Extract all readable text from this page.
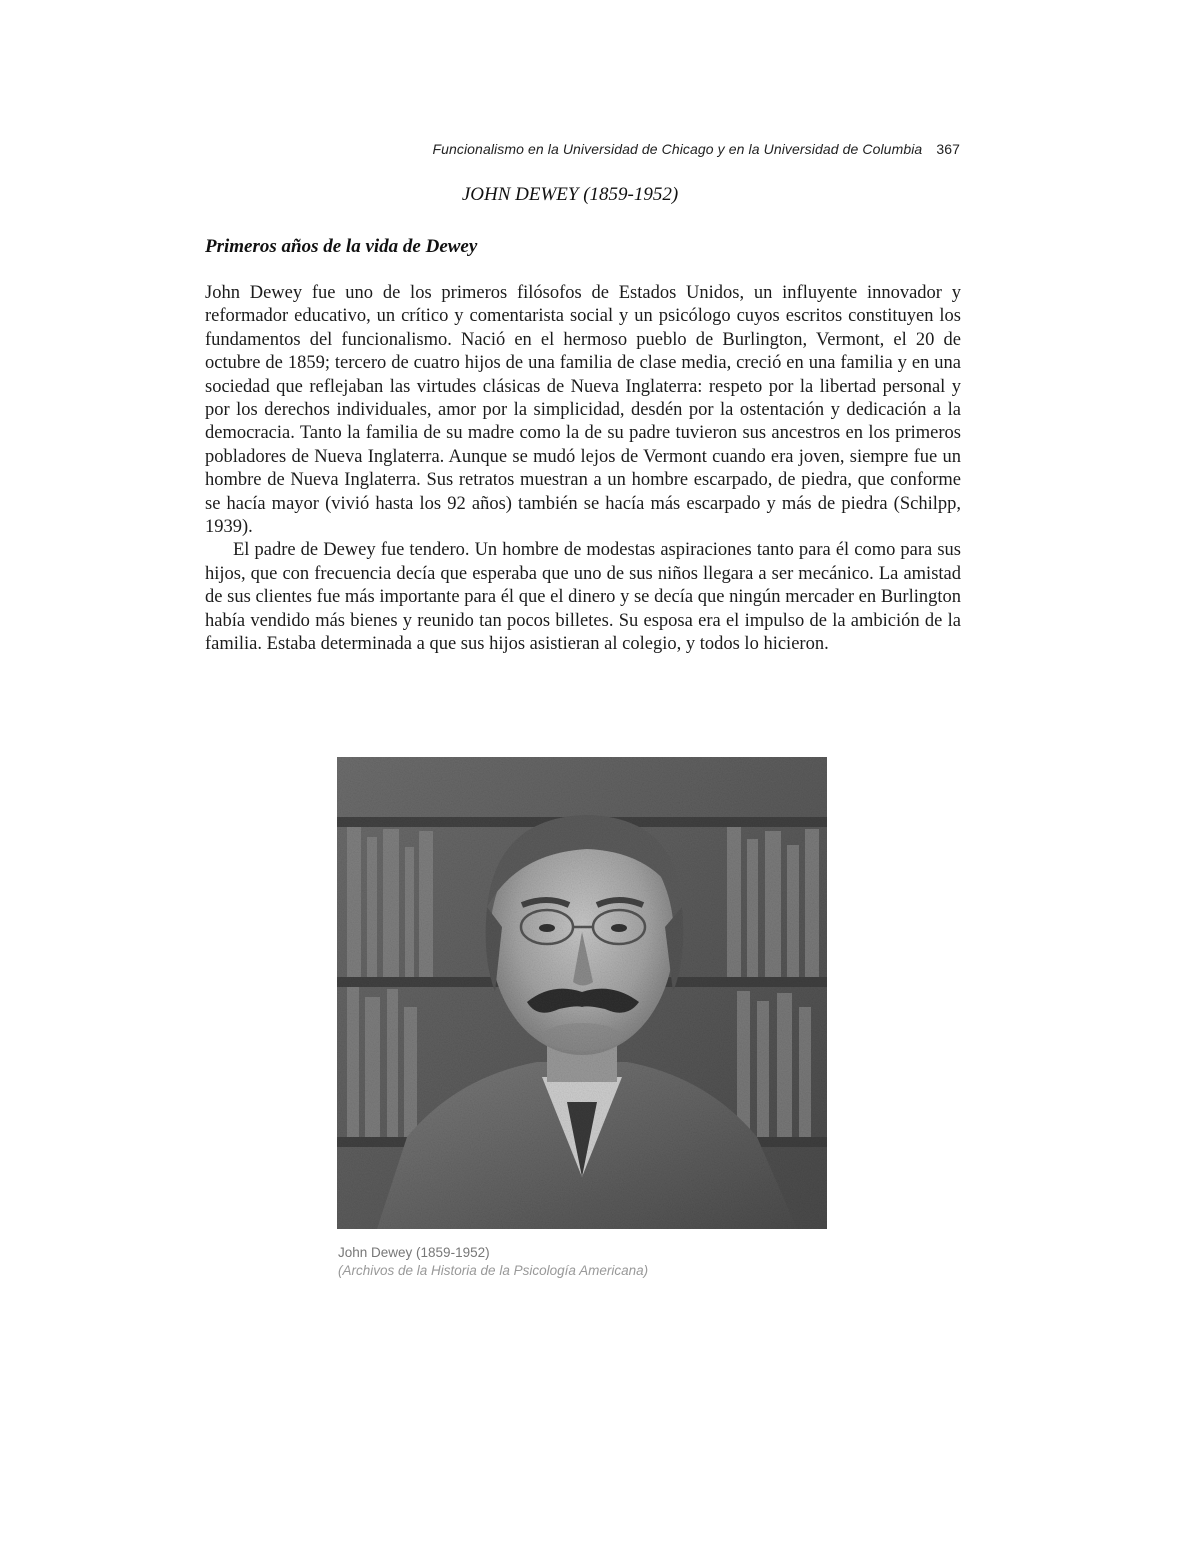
Funcionalismo en la Universidad de Chicago y en la Universidad de Columbia 367
JOHN DEWEY (1859-1952)
Primeros años de la vida de Dewey

John Dewey fue uno de los primeros filósofos de Estados Unidos, un influyente innovador y reformador educativo, un crítico y comentarista social y un psicólogo cuyos escritos constituyen los fundamentos del funcionalismo. Nació en el hermoso pueblo de Burlington, Vermont, el 20 de octubre de 1859; tercero de cuatro hijos de una familia de clase media, creció en una familia y en una sociedad que reflejaban las virtudes clásicas de Nueva Inglaterra: respeto por la libertad personal y por los derechos individuales, amor por la simplicidad, desdén por la ostentación y dedicación a la democracia. Tanto la familia de su madre como la de su padre tuvieron sus ancestros en los primeros pobladores de Nueva Inglaterra. Aunque se mudó lejos de Vermont cuando era joven, siempre fue un hombre de Nueva Inglaterra. Sus retratos muestran a un hombre escarpado, de piedra, que conforme se hacía mayor (vivió hasta los 92 años) también se hacía más escarpado y más de piedra (Schilpp, 1939).

El padre de Dewey fue tendero. Un hombre de modestas aspiraciones tanto para él como para sus hijos, que con frecuencia decía que esperaba que uno de sus niños llegara a ser mecánico. La amistad de sus clientes fue más importante para él que el dinero y se decía que ningún mercader en Burlington había vendido más bienes y reunido tan pocos billetes. Su esposa era el impulso de la ambición de la familia. Estaba determinada a que sus hijos asistieran al colegio, y todos lo hicieron.

John Dewey (1859-1952)
(Archivos de la Historia de la Psicología Americana)
